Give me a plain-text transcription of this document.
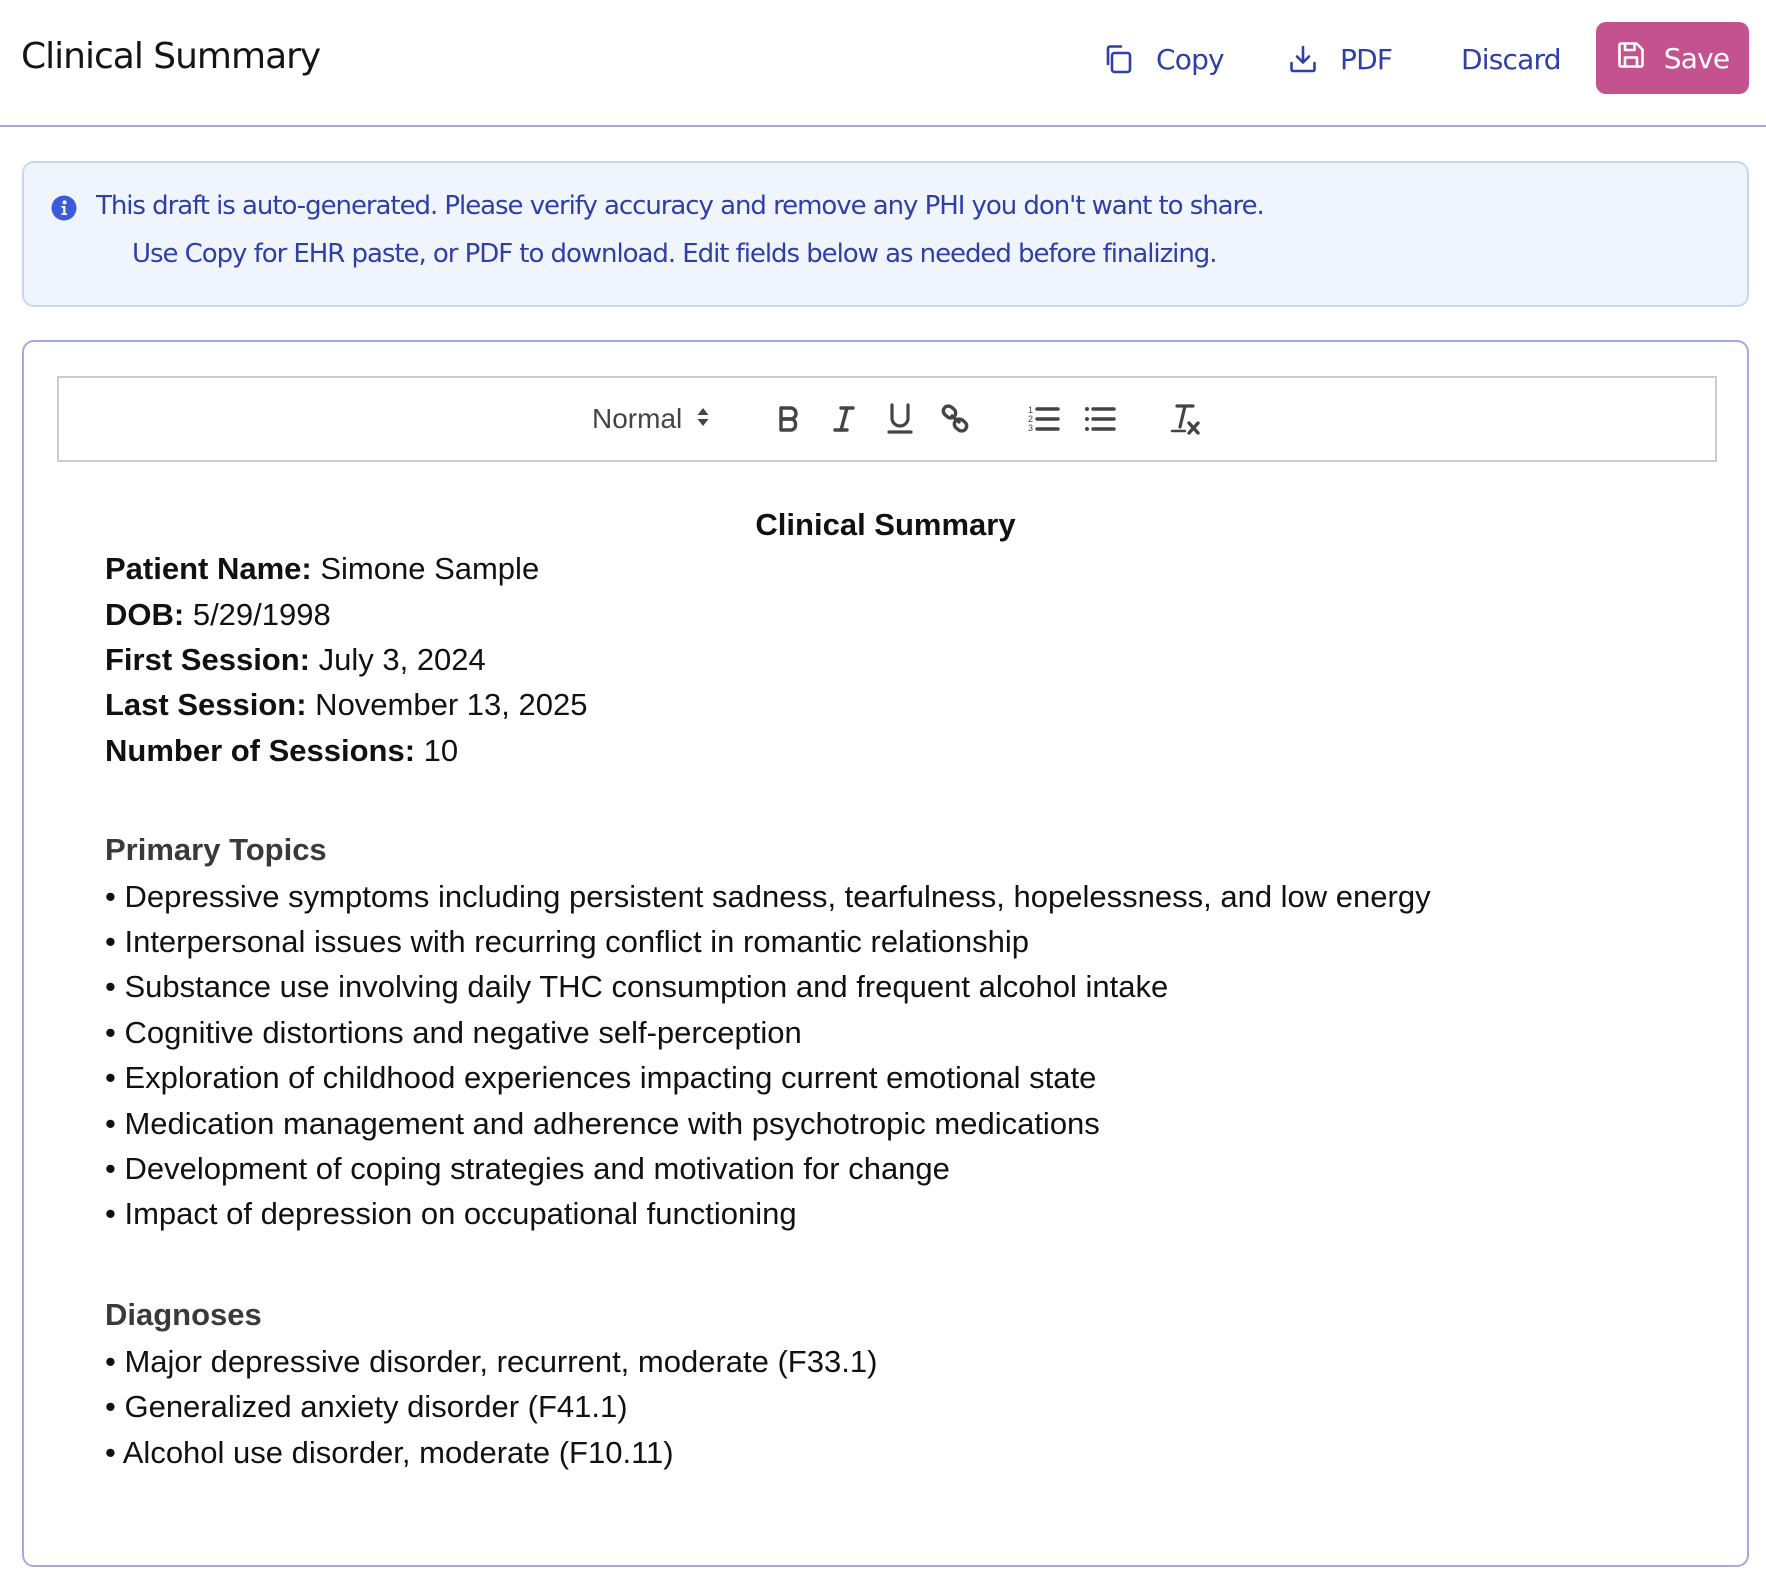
Clinical Summary	Copy	PDF Discard	Save
This draft is auto-generated. Please verify accuracy and remove any PHI you don't want to share.
Use Copy for EHR paste, or PDF to download. Edit fields below as needed before finalizing.
Normal	1
2
3
Clinical Summary
Patient Name: Simone Sample
DOB: 5/29/1998
First Session: July 3, 2024
Last Session: November 13, 2025
Number of Sessions: 10
Primary Topics
• Depressive symptoms including persistent sadness, tearfulness, hopelessness, and low energy
• Interpersonal issues with recurring conflict in romantic relationship
• Substance use involving daily THC consumption and frequent alcohol intake
• Cognitive distortions and negative self-perception
• Exploration of childhood experiences impacting current emotional state
• Medication management and adherence with psychotropic medications
• Development of coping strategies and motivation for change
• Impact of depression on occupational functioning
Diagnoses
• Major depressive disorder, recurrent, moderate (F33.1)
• Generalized anxiety disorder (F41.1)
• Alcohol use disorder, moderate (F10.11)
